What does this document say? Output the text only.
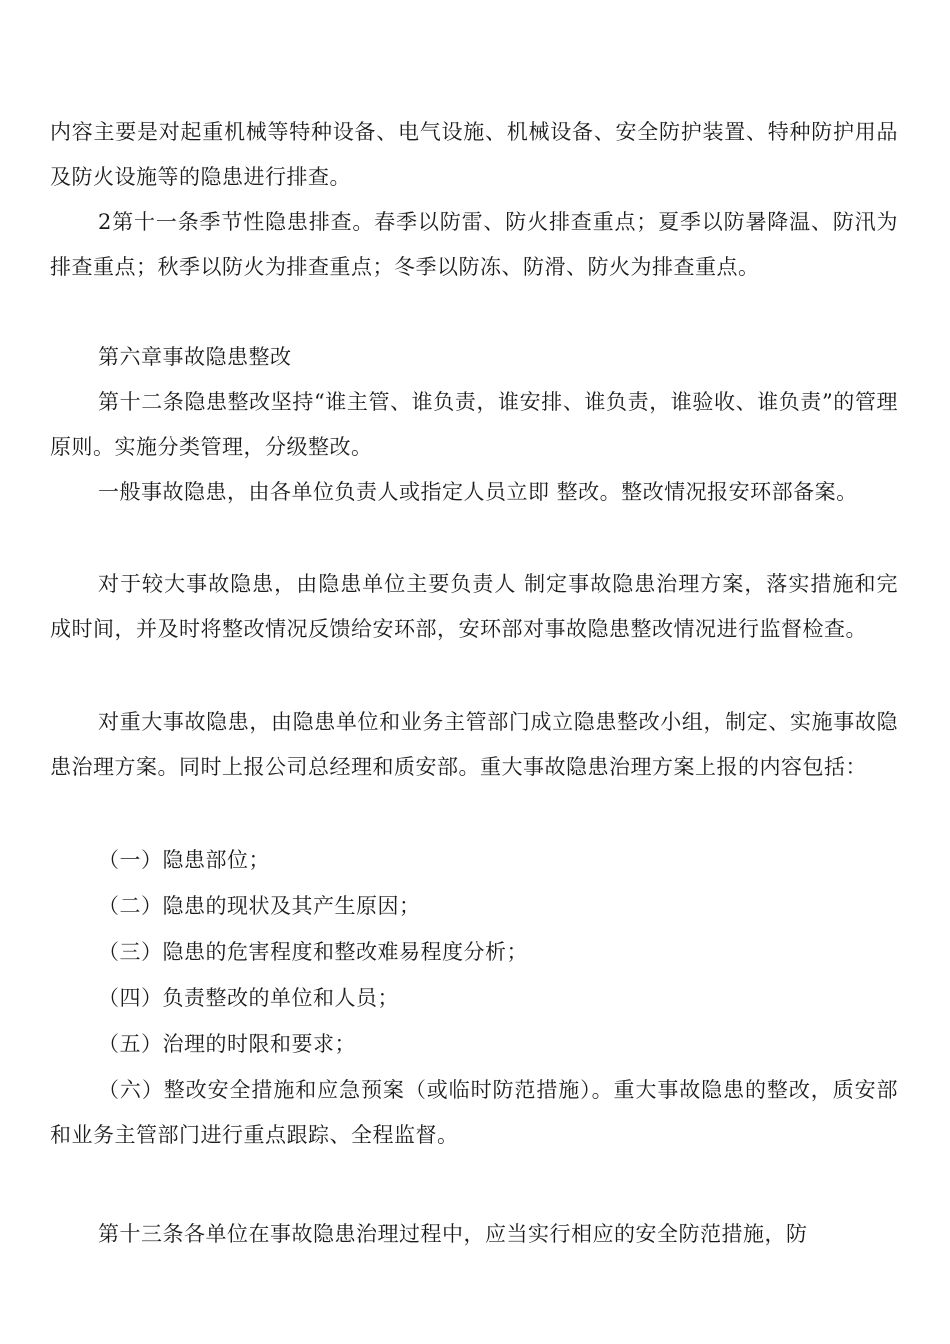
内容主要是对起重机械等特种设备、电气设施、机械设备、安全防护装置、特种防护用品及防火设施等的隐患进行排查。

2第十一条季节性隐患排查。春季以防雷、防火排查重点；夏季以防暑降温、防汛为排查重点；秋季以防火为排查重点；冬季以防冻、防滑、防火为排查重点。

第六章事故隐患整改

第十二条隐患整改坚持“谁主管、谁负责，谁安排、谁负责，谁验收、谁负责”的管理原则。实施分类管理，分级整改。

一般事故隐患，由各单位负责人或指定人员立即 整改。整改情况报安环部备案。

对于较大事故隐患，由隐患单位主要负责人 制定事故隐患治理方案，落实措施和完成时间，并及时将整改情况反馈给安环部，安环部对事故隐患整改情况进行监督检查。

对重大事故隐患，由隐患单位和业务主管部门成立隐患整改小组，制定、实施事故隐患治理方案。同时上报公司总经理和质安部。重大事故隐患治理方案上报的内容包括：

（一）隐患部位；

（二）隐患的现状及其产生原因；

（三）隐患的危害程度和整改难易程度分析；

（四）负责整改的单位和人员；

（五）治理的时限和要求；

（六）整改安全措施和应急预案（或临时防范措施）。重大事故隐患的整改，质安部和业务主管部门进行重点跟踪、全程监督。

第十三条各单位在事故隐患治理过程中，应当实行相应的安全防范措施，防
